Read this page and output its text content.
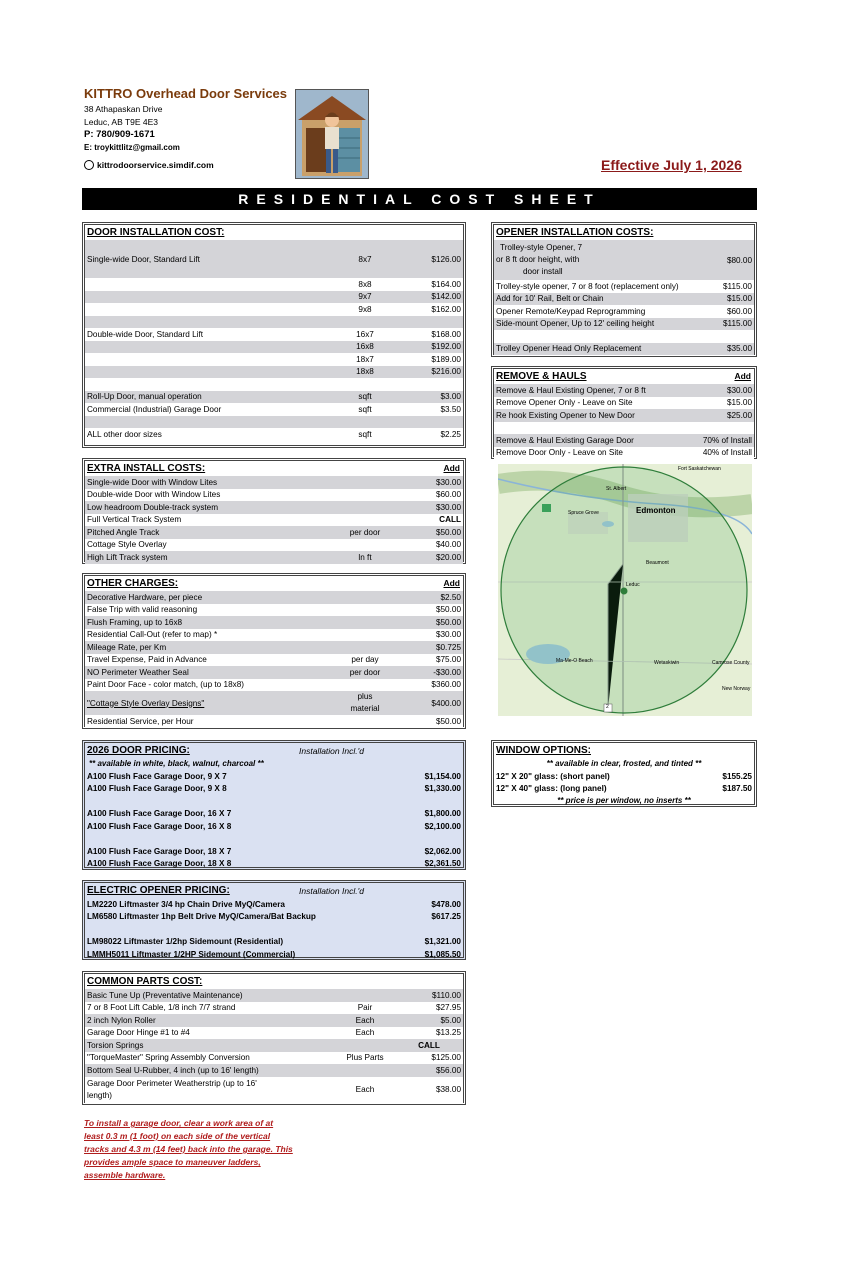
KITTRO Overhead Door Services
38 Athapaskan Drive
Leduc, AB T9E 4E3
P: 780/909-1671
E: troykittlitz@gmail.com
kittrodoorservice.simdif.com	Effective July 1, 2026
RESIDENTIAL COST SHEET
DOOR INSTALLATION COST:
Single-wide Door, Standard Lift	8x7	$126.00
	8x8	$164.00
	9x7	$142.00
	9x8	$162.00

Double-wide Door, Standard Lift	16x7	$168.00
	16x8	$192.00
	18x7	$189.00
	18x8	$216.00

Roll-Up Door, manual operation	sqft	$3.00
Commercial (Industrial) Garage Door	sqft	$3.50

ALL other door sizes	sqft	$2.25
OPENER INSTALLATION COSTS:
Trolley-style Opener, 7
or 8 ft door height, with
door install	$80.00
Trolley-style opener, 7 or 8 foot (replacement only)	$115.00
Add for 10' Rail, Belt or Chain	$15.00
Opener Remote/Keypad Reprogramming	$60.00
Side-mount Opener, Up to 12' ceiling height	$115.00

Trolley Opener Head Only Replacement	$35.00
REMOVE & HAULS	Add
Remove & Haul Existing Opener, 7 or 8 ft	$30.00
Remove Opener Only - Leave on Site	$15.00
Re hook Existing Opener to New Door	$25.00

Remove & Haul Existing Garage Door	70% of Install
Remove Door Only - Leave on Site	40% of Install
Edmonton
St. Albert
Leduc
Spruce Grove
Beaumont
Camrose County
Wetaskiwin
Ma-Me-O Beach
Fort Saskatchewan
New Norway
2
EXTRA INSTALL COSTS:	Add
Single-wide Door with Window Lites		$30.00
Double-wide Door with Window Lites		$60.00
Low headroom Double-track system		$30.00
Full Vertical Track System		CALL
Pitched Angle Track	per door	$50.00
Cottage Style Overlay		$40.00
High Lift Track system	ln ft	$20.00
OTHER CHARGES:	Add
Decorative Hardware, per piece		$2.50
False Trip with valid reasoning		$50.00
Flush Framing, up to 16x8		$50.00
Residential Call-Out (refer to map) *		$30.00
Mileage Rate, per Km		$0.725
Travel Expense, Paid in Advance	per day	$75.00
NO Perimeter Weather Seal	per door	-$30.00
Paint Door Face - color match, (up to 18x8)		$360.00
"Cottage Style Overlay Designs"	plus
material	$400.00
Residential Service, per Hour		$50.00
2026 DOOR PRICING:	Installation Incl.'d
** available in white, black, walnut, charcoal **
A100 Flush Face Garage Door, 9 X 7	$1,154.00
A100 Flush Face Garage Door, 9 X 8	$1,330.00

A100 Flush Face Garage Door, 16 X 7	$1,800.00
A100 Flush Face Garage Door, 16 X 8	$2,100.00

A100 Flush Face Garage Door, 18 X 7	$2,062.00
A100 Flush Face Garage Door, 18 X 8	$2,361.50
WINDOW OPTIONS:
** available in clear, frosted, and tinted **
12" X 20" glass: (short panel)	$155.25
12" X 40" glass: (long panel)	$187.50
** price is per window, no inserts **
ELECTRIC OPENER PRICING:	Installation Incl.'d
LM2220 Liftmaster 3/4 hp Chain Drive MyQ/Camera	$478.00
LM6580 Liftmaster 1hp Belt Drive MyQ/Camera/Bat Backup	$617.25

LM98022 Liftmaster 1/2hp Sidemount (Residential)	$1,321.00
LMMH5011 Liftmaster 1/2HP Sidemount (Commercial)	$1,085.50
COMMON PARTS COST:
Basic Tune Up (Preventative Maintenance)		$110.00
7 or 8 Foot Lift Cable, 1/8 inch 7/7 strand	Pair	$27.95
2 inch Nylon Roller	Each	$5.00
Garage Door Hinge #1 to #4	Each	$13.25
Torsion Springs		CALL
"TorqueMaster" Spring Assembly Conversion	Plus Parts	$125.00
Bottom Seal U-Rubber, 4 inch (up to 16' length)		$56.00

Garage Door Perimeter Weatherstrip (up to 16'
length)	Each	$38.00
To install a garage door, clear a work area of at least 0.3 m (1 foot) on each side of the vertical tracks and 4.3 m (14 feet) back into the garage. This provides ample space to maneuver ladders, assemble hardware.
